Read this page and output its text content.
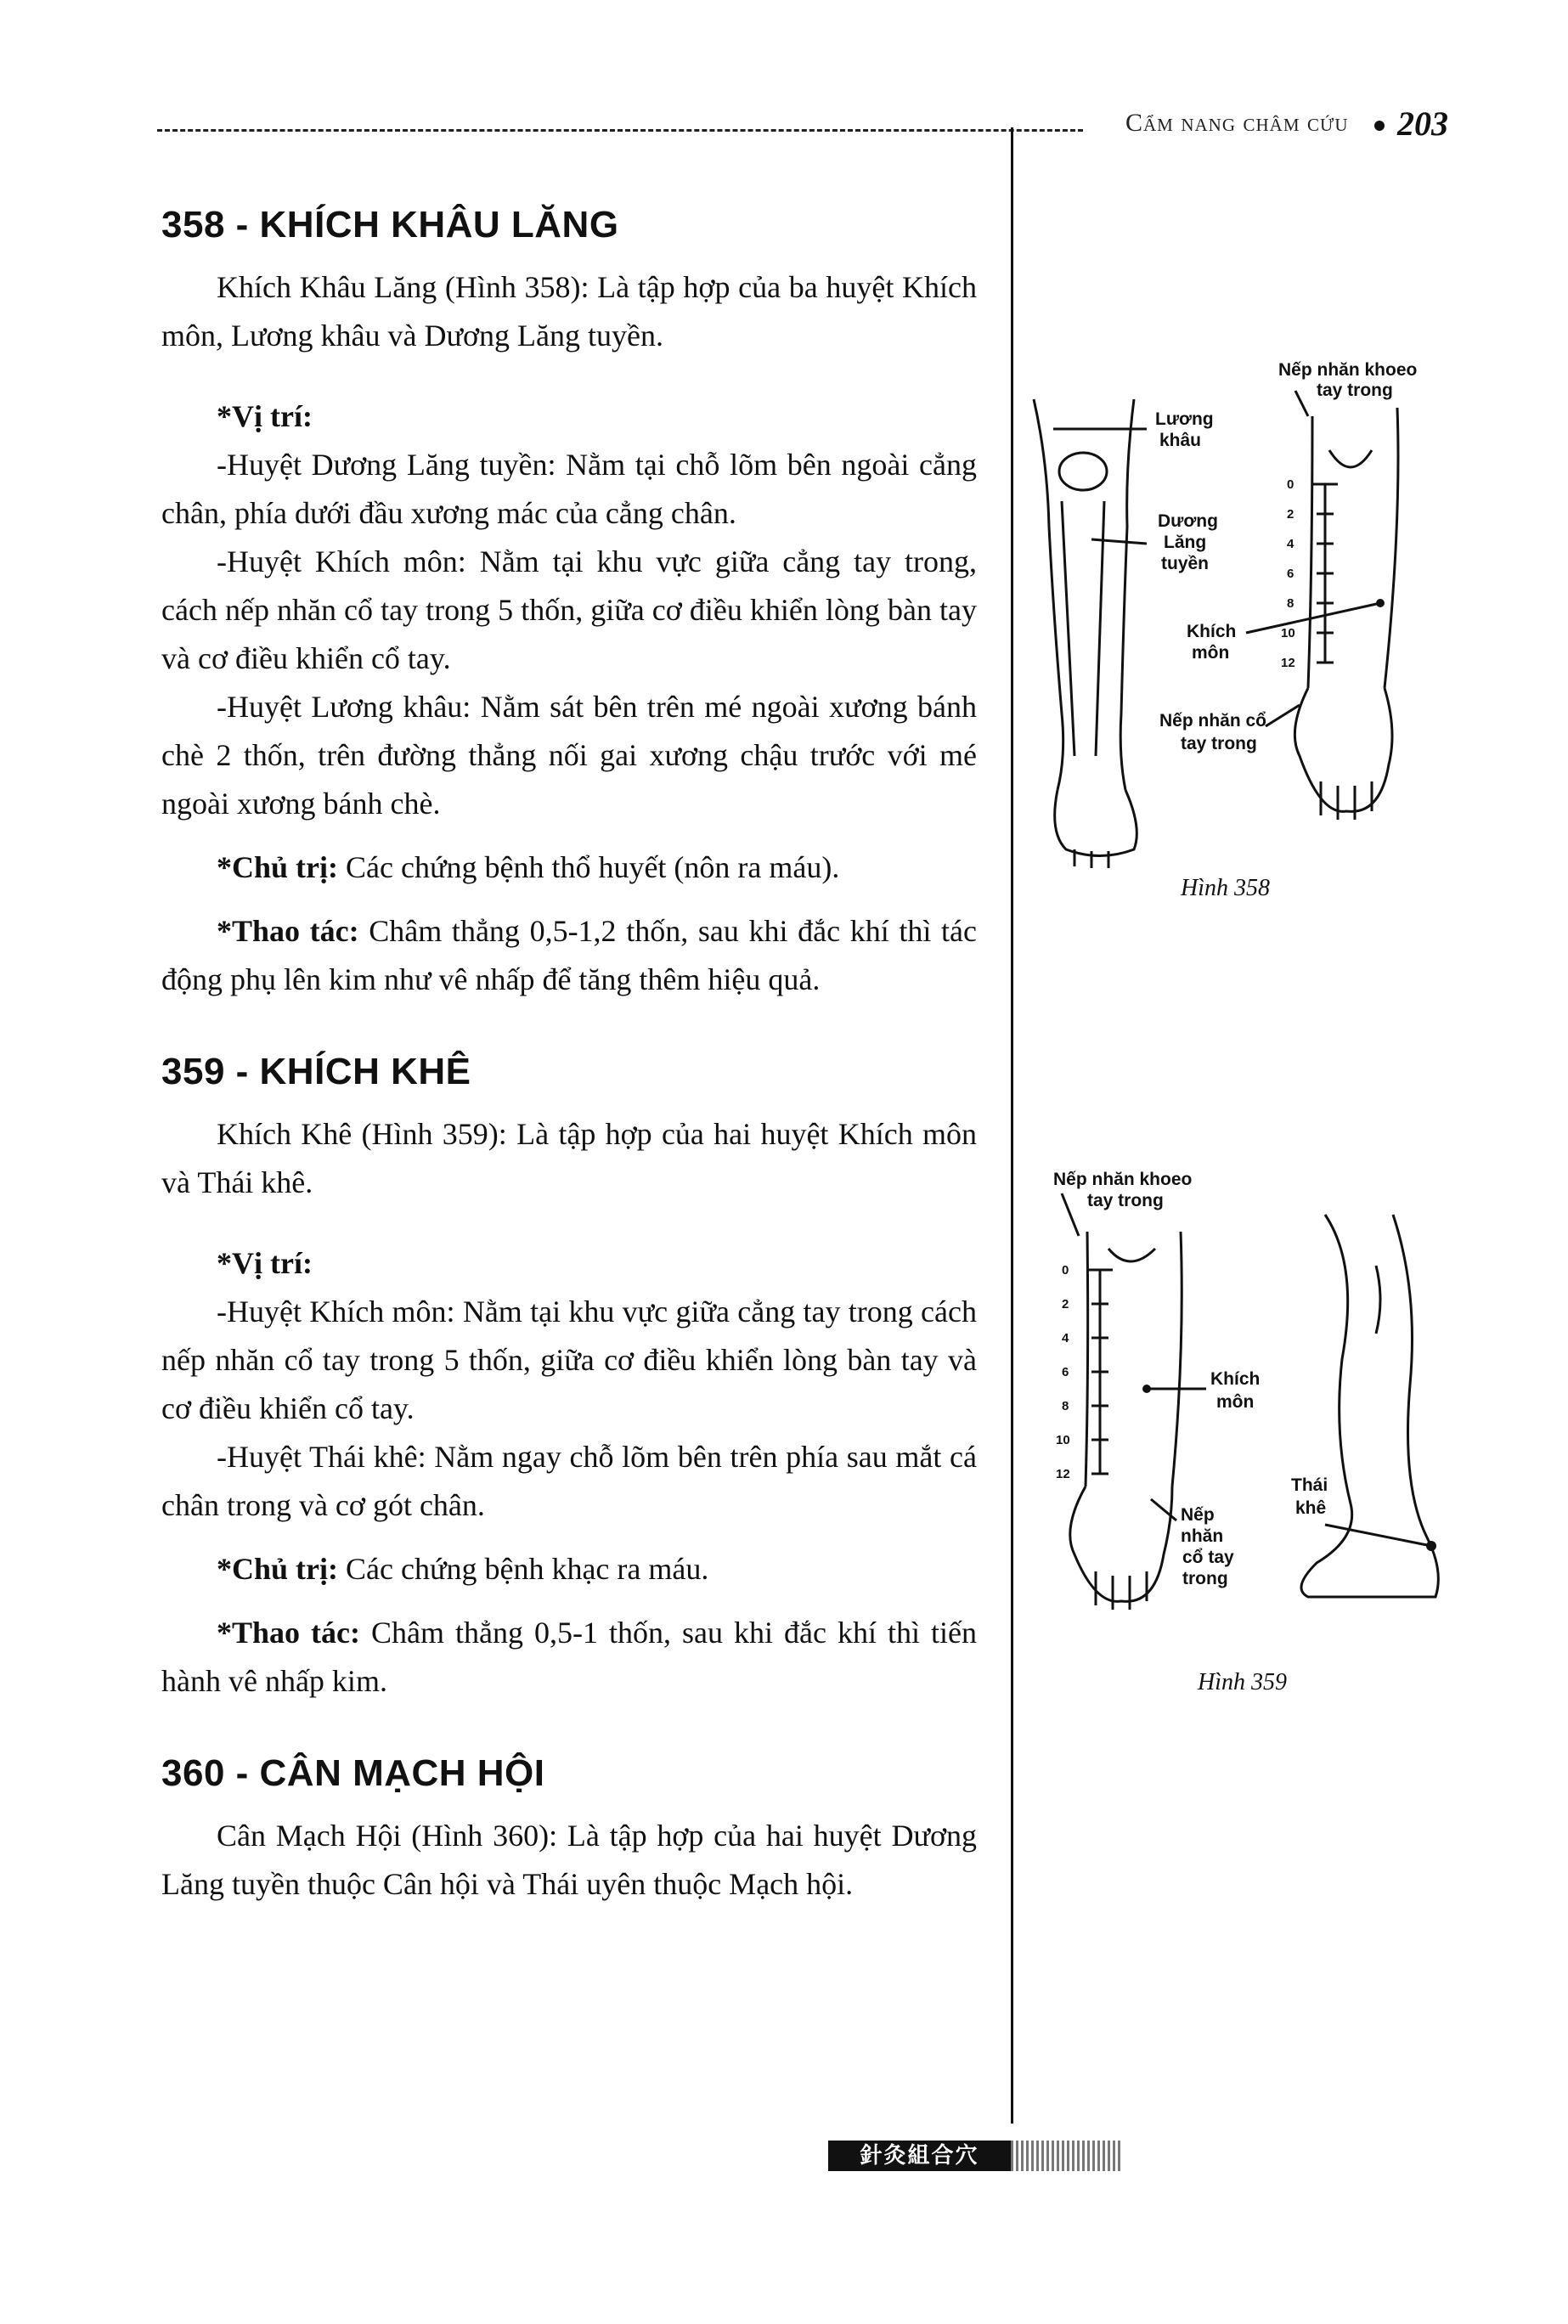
Cẩm nang châm cứu 203
358 - KHÍCH KHÂU LĂNG

Khích Khâu Lăng (Hình 358): Là tập hợp của ba huyệt Khích môn, Lương khâu và Dương Lăng tuyền.

*Vị trí:

-Huyệt Dương Lăng tuyền: Nằm tại chỗ lõm bên ngoài cẳng chân, phía dưới đầu xương mác của cẳng chân.

-Huyệt Khích môn: Nằm tại khu vực giữa cẳng tay trong, cách nếp nhăn cổ tay trong 5 thốn, giữa cơ điều khiển lòng bàn tay và cơ điều khiển cổ tay.

-Huyệt Lương khâu: Nằm sát bên trên mé ngoài xương bánh chè 2 thốn, trên đường thẳng nối gai xương chậu trước với mé ngoài xương bánh chè.

*Chủ trị: Các chứng bệnh thổ huyết (nôn ra máu).

*Thao tác: Châm thẳng 0,5-1,2 thốn, sau khi đắc khí thì tác động phụ lên kim như vê nhấp để tăng thêm hiệu quả.

359 - KHÍCH KHÊ

Khích Khê (Hình 359): Là tập hợp của hai huyệt Khích môn và Thái khê.

*Vị trí:

-Huyệt Khích môn: Nằm tại khu vực giữa cẳng tay trong cách nếp nhăn cổ tay trong 5 thốn, giữa cơ điều khiển lòng bàn tay và cơ điều khiển cổ tay.

-Huyệt Thái khê: Nằm ngay chỗ lõm bên trên phía sau mắt cá chân trong và cơ gót chân.

*Chủ trị: Các chứng bệnh khạc ra máu.

*Thao tác: Châm thẳng 0,5-1 thốn, sau khi đắc khí thì tiến hành vê nhấp kim.

360 - CÂN MẠCH HỘI

Cân Mạch Hội (Hình 360): Là tập hợp của hai huyệt Dương Lăng tuyền thuộc Cân hội và Thái uyên thuộc Mạch hội.

Lương
khâu
Dương
Lăng
tuyền
Khích
môn
Nếp nhăn khoeo
tay trong
Nếp nhăn cổ
tay trong
0
2
4
6
8
10
12
Hình 358
Nếp nhăn khoeo
tay trong
Khích
môn
Thái
khê
Nếp
nhăn
cổ tay
trong
0
2
4
6
8
10
12
Hình 359
針灸組合穴
